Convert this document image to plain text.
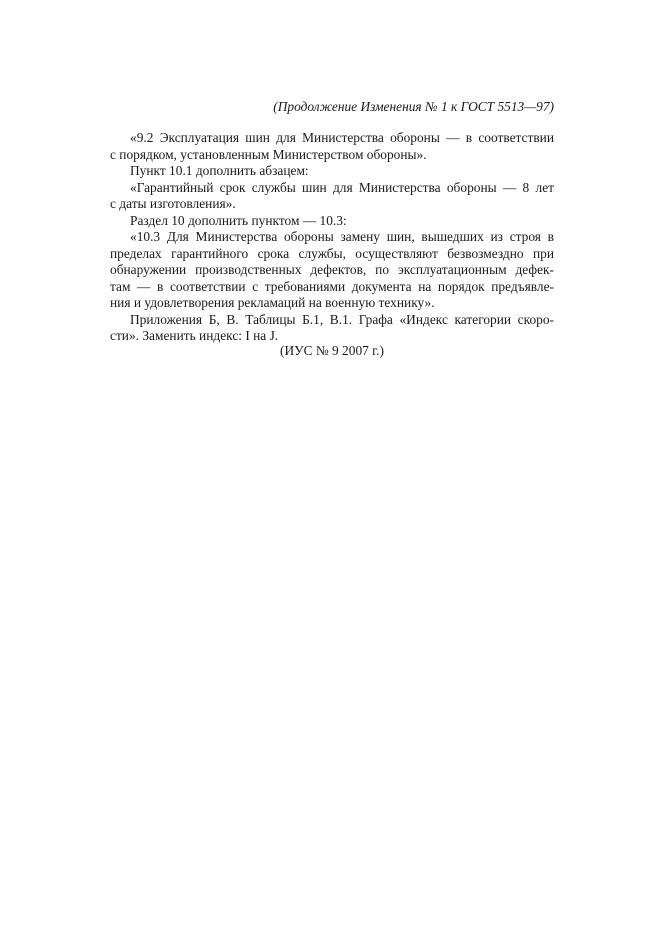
(Продолжение Изменения № 1 к ГОСТ 5513—97)
«9.2 Эксплуатация шин для Министерства обороны — в соответствии
с порядком, установленным Министерством обороны».
Пункт 10.1 дополнить абзацем:
«Гарантийный срок службы шин для Министерства обороны — 8 лет
с даты изготовления».
Раздел 10 дополнить пунктом — 10.3:
«10.3 Для Министерства обороны замену шин, вышедших из строя в
пределах гарантийного срока службы, осуществляют безвозмездно при
обнаружении производственных дефектов, по эксплуатационным дефек-
там — в соответствии с требованиями документа на порядок предъявле-
ния и удовлетворения рекламаций на военную технику».
Приложения Б, В. Таблицы Б.1, В.1. Графа «Индекс категории скоро-
сти». Заменить индекс: I на J.
(ИУС № 9 2007 г.)
